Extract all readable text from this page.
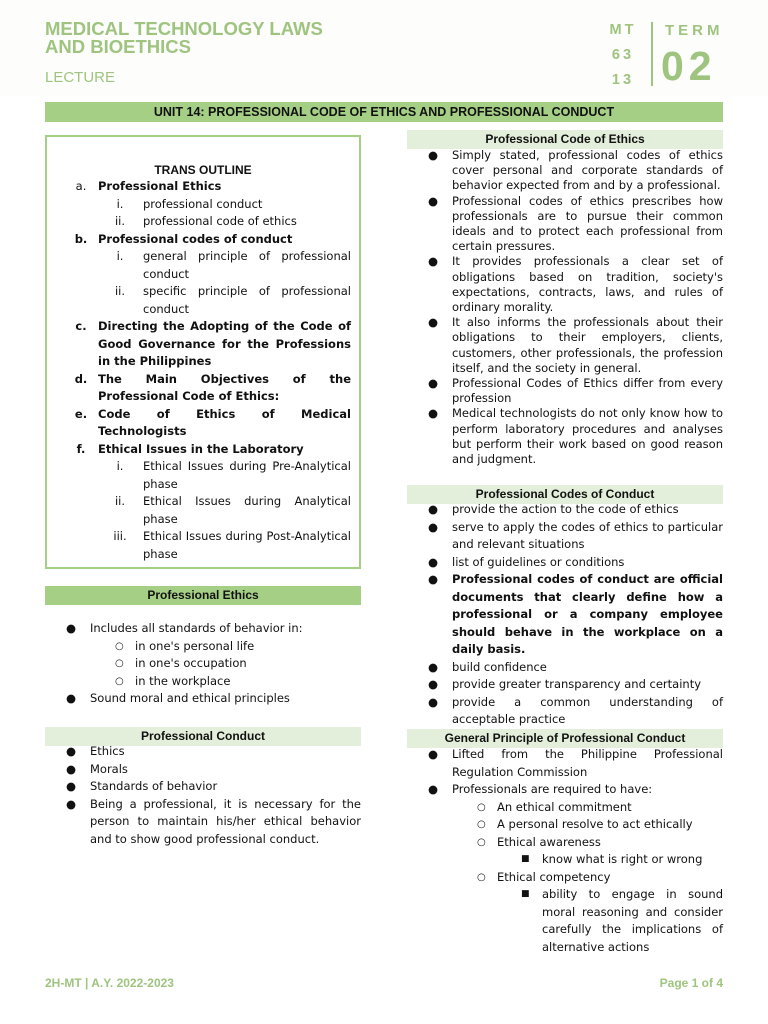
MEDICAL TECHNOLOGY LAWS
AND BIOETHICS
LECTURE
MT
63
13
TERM
02
UNIT 14: PROFESSIONAL CODE OF ETHICS AND PROFESSIONAL CONDUCT
TRANS OUTLINE
a.	Professional Ethics
i.	professional conduct
ii.	professional code of ethics
b. Professional codes of conduct
i.	general principle of professional conduct
ii.	specific principle of professional conduct
c. Directing the Adopting of the Code of Good Governance for the Professions in the Philippines
d. The Main Objectives of the Professional Code of Ethics:
e. Code of Ethics of Medical Technologists
f.	Ethical Issues in the Laboratory
i.	Ethical Issues during Pre-Analytical phase
ii.	Ethical Issues during Analytical phase
iii.	Ethical Issues during Post-Analytical phase
Professional Ethics
● Includes all standards of behavior in:
○ in one's personal life
○ in one's occupation
○ in the workplace
● Sound moral and ethical principles
Professional Conduct
● Ethics
● Morals
● Standards of behavior
● Being a professional, it is necessary for the person to maintain his/her ethical behavior and to show good professional conduct.
Professional Code of Ethics
● Simply stated, professional codes of ethics cover personal and corporate standards of behavior expected from and by a professional.
● Professional codes of ethics prescribes how professionals are to pursue their common ideals and to protect each professional from certain pressures.
● It provides professionals a clear set of obligations based on tradition, society's expectations, contracts, laws, and rules of ordinary morality.
● It also informs the professionals about their obligations to their employers, clients, customers, other professionals, the profession itself, and the society in general.
● Professional Codes of Ethics differ from every profession
● Medical technologists do not only know how to perform laboratory procedures and analyses but perform their work based on good reason and judgment.
Professional Codes of Conduct
● provide the action to the code of ethics
● serve to apply the codes of ethics to particular and relevant situations
● list of guidelines or conditions
● Professional codes of conduct are official documents that clearly define how a professional or a company employee should behave in the workplace on a daily basis.
● build confidence
● provide greater transparency and certainty
● provide a common understanding of acceptable practice
General Principle of Professional Conduct
● Lifted from the Philippine Professional Regulation Commission
● Professionals are required to have:
○ An ethical commitment
○ A personal resolve to act ethically
○ Ethical awareness
■ know what is right or wrong
○ Ethical competency
■ ability to engage in sound moral reasoning and consider carefully the implications of alternative actions
2H-MT | A.Y. 2022-2023	Page 1 of 4
